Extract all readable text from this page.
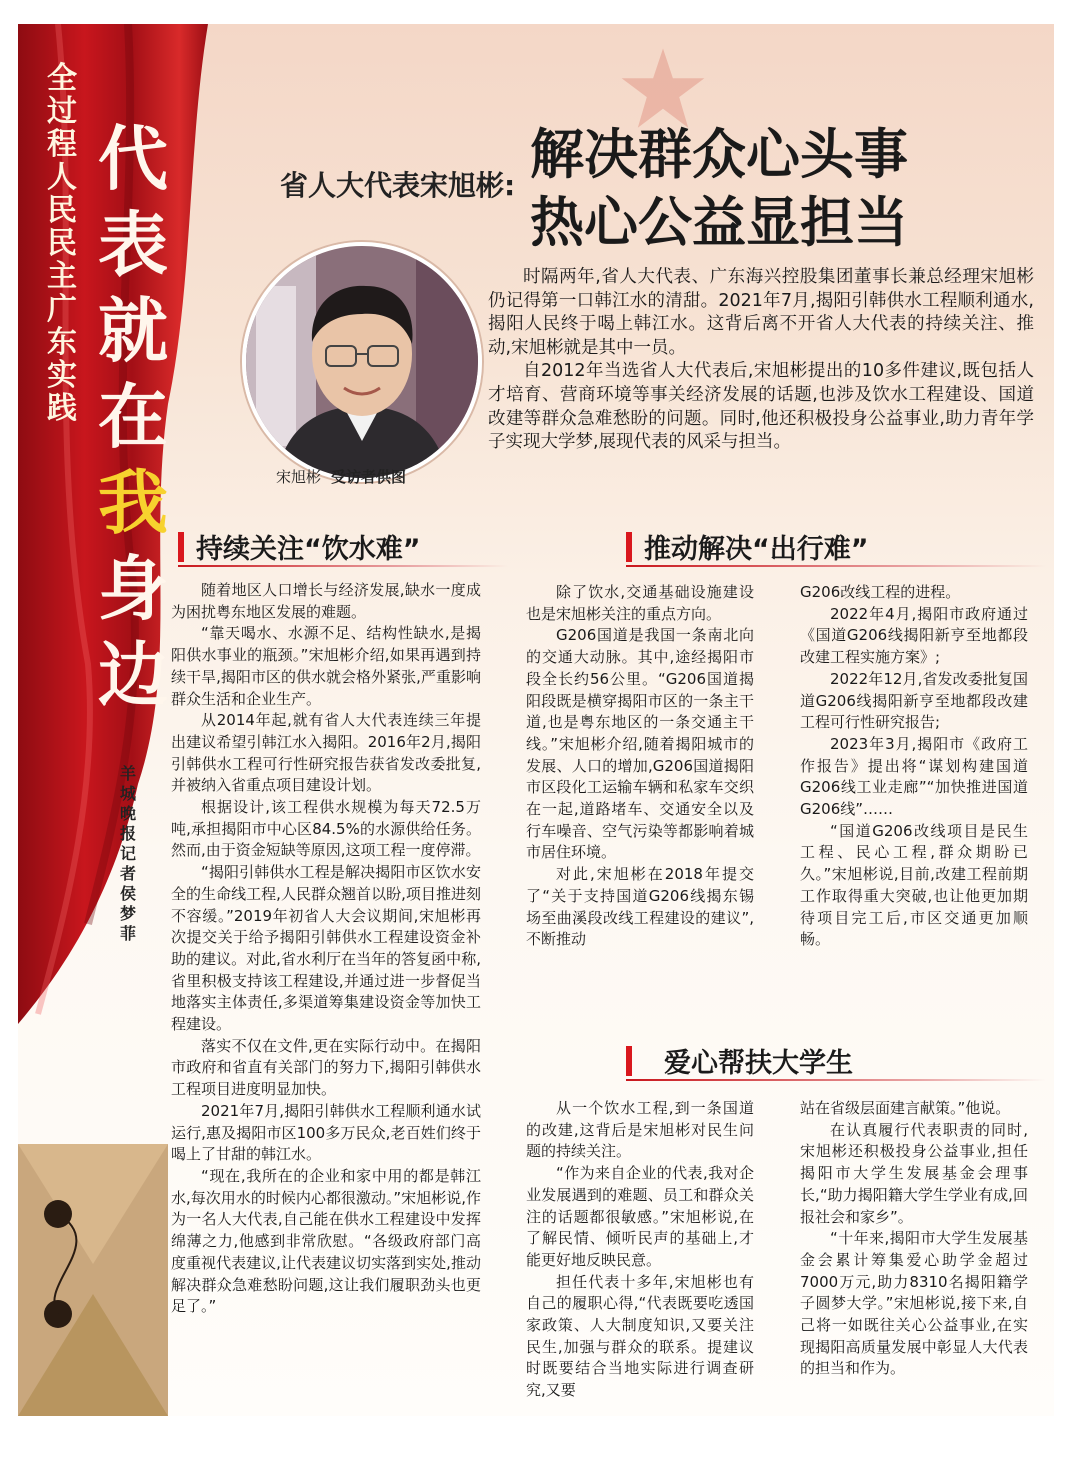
全过程人民民主广东实践
代表就在我身边
羊城晚报记者 侯梦菲
省人大代表宋旭彬: 解决群众心头事
热心公益显担当
宋旭彬 受访者供图

时隔两年,省人大代表、广东海兴控股集团董事长兼总经理宋旭彬仍记得第一口韩江水的清甜。2021年7月,揭阳引韩供水工程顺利通水,揭阳人民终于喝上韩江水。这背后离不开省人大代表的持续关注、推动,宋旭彬就是其中一员。

自2012年当选省人大代表后,宋旭彬提出的10多件建议,既包括人才培育、营商环境等事关经济发展的话题,也涉及饮水工程建设、国道改建等群众急难愁盼的问题。同时,他还积极投身公益事业,助力青年学子实现大学梦,展现代表的风采与担当。

持续关注“饮水难”	推动解决“出行难”

随着地区人口增长与经济发展,缺水一度成为困扰粤东地区发展的难题。

“靠天喝水、水源不足、结构性缺水,是揭阳供水事业的瓶颈。”宋旭彬介绍,如果再遇到持续干旱,揭阳市区的供水就会格外紧张,严重影响群众生活和企业生产。

从2014年起,就有省人大代表连续三年提出建议希望引韩江水入揭阳。2016年2月,揭阳引韩供水工程可行性研究报告获省发改委批复,并被纳入省重点项目建设计划。

根据设计,该工程供水规模为每天72.5万吨,承担揭阳市中心区84.5%的水源供给任务。然而,由于资金短缺等原因,这项工程一度停滞。

“揭阳引韩供水工程是解决揭阳市区饮水安全的生命线工程,人民群众翘首以盼,项目推进刻不容缓。”2019年初省人大会议期间,宋旭彬再次提交关于给予揭阳引韩供水工程建设资金补助的建议。对此,省水利厅在当年的答复函中称,省里积极支持该工程建设,并通过进一步督促当地落实主体责任,多渠道筹集建设资金等加快工程建设。

落实不仅在文件,更在实际行动中。在揭阳市政府和省直有关部门的努力下,揭阳引韩供水工程项目进度明显加快。

2021年7月,揭阳引韩供水工程顺利通水试运行,惠及揭阳市区100多万民众,老百姓们终于喝上了甘甜的韩江水。

“现在,我所在的企业和家中用的都是韩江水,每次用水的时候内心都很激动。”宋旭彬说,作为一名人大代表,自己能在供水工程建设中发挥绵薄之力,他感到非常欣慰。“各级政府部门高度重视代表建议,让代表建议切实落到实处,推动解决群众急难愁盼问题,这让我们履职劲头也更足了。”

除了饮水,交通基础设施建设也是宋旭彬关注的重点方向。

G206国道是我国一条南北向的交通大动脉。其中,途经揭阳市段全长约56公里。“G206国道揭阳段既是横穿揭阳市区的一条主干道,也是粤东地区的一条交通主干线。”宋旭彬介绍,随着揭阳城市的发展、人口的增加,G206国道揭阳市区段化工运输车辆和私家车交织在一起,道路堵车、交通安全以及行车噪音、空气污染等都影响着城市居住环境。

对此,宋旭彬在2018年提交了“关于支持国道G206线揭东锡场至曲溪段改线工程建设的建议”,不断推动

G206改线工程的进程。

2022年4月,揭阳市政府通过《国道G206线揭阳新亨至地都段改建工程实施方案》;

2022年12月,省发改委批复国道G206线揭阳新亨至地都段改建工程可行性研究报告;

2023年3月,揭阳市《政府工作报告》提出将“谋划构建国道G206线工业走廊”“加快推进国道G206线”……

“国道G206改线项目是民生工程、民心工程,群众期盼已久。”宋旭彬说,目前,改建工程前期工作取得重大突破,也让他更加期待项目完工后,市区交通更加顺畅。

爱心帮扶大学生

从一个饮水工程,到一条国道的改建,这背后是宋旭彬对民生问题的持续关注。

“作为来自企业的代表,我对企业发展遇到的难题、员工和群众关注的话题都很敏感。”宋旭彬说,在了解民情、倾听民声的基础上,才能更好地反映民意。

担任代表十多年,宋旭彬也有自己的履职心得,“代表既要吃透国家政策、人大制度知识,又要关注民生,加强与群众的联系。提建议时既要结合当地实际进行调查研究,又要

站在省级层面建言献策。”他说。

在认真履行代表职责的同时,宋旭彬还积极投身公益事业,担任揭阳市大学生发展基金会理事长,“助力揭阳籍大学生学业有成,回报社会和家乡”。

“十年来,揭阳市大学生发展基金会累计筹集爱心助学金超过7000万元,助力8310名揭阳籍学子圆梦大学。”宋旭彬说,接下来,自己将一如既往关心公益事业,在实现揭阳高质量发展中彰显人大代表的担当和作为。
